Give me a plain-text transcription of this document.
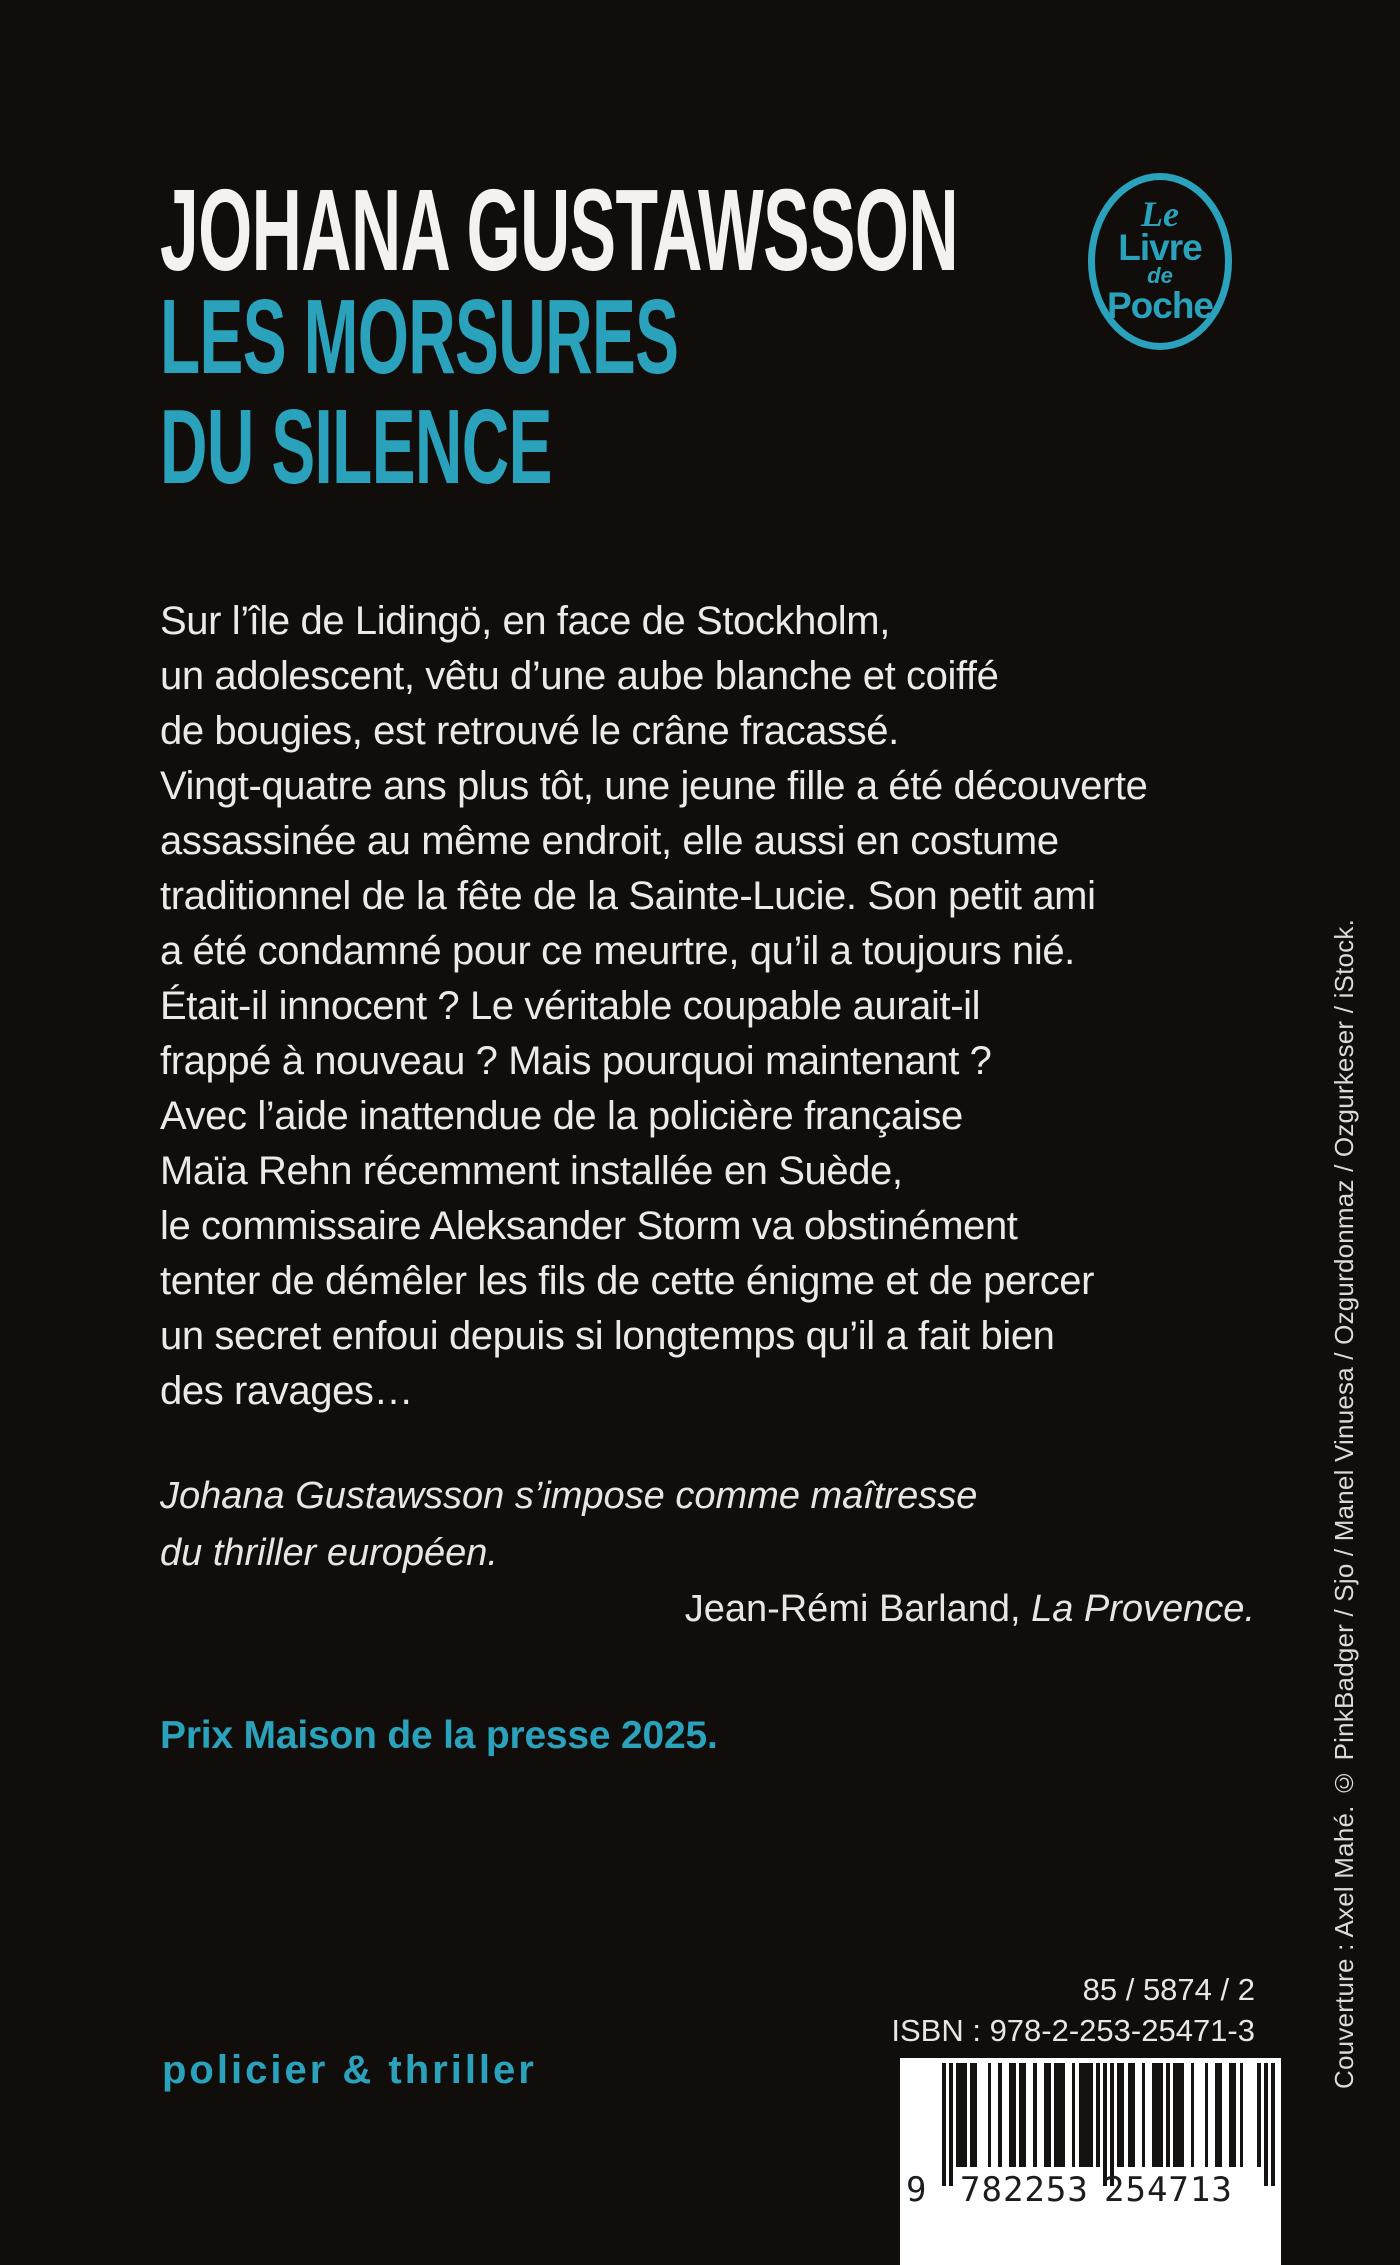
JOHANA GUSTAWSSON
LES MORSURES
DU SILENCE
Le
Livre
de
Poche
Sur l’île de Lidingö, en face de Stockholm,
un adolescent, vêtu d’une aube blanche et coiffé
de bougies, est retrouvé le crâne fracassé.
Vingt-quatre ans plus tôt, une jeune fille a été découverte
assassinée au même endroit, elle aussi en costume
traditionnel de la fête de la Sainte-Lucie. Son petit ami
a été condamné pour ce meurtre, qu’il a toujours nié.
Était-il innocent ? Le véritable coupable aurait-il
frappé à nouveau ? Mais pourquoi maintenant ?
Avec l’aide inattendue de la policière française
Maïa Rehn récemment installée en Suède,
le commissaire Aleksander Storm va obstinément
tenter de démêler les fils de cette énigme et de percer
un secret enfoui depuis si longtemps qu’il a fait bien
des ravages…
Johana Gustawsson s’impose comme maîtresse
du thriller européen.
Jean-Rémi Barland, La Provence.
Prix Maison de la presse 2025.
85 / 5874 / 2
ISBN : 978-2-253-25471-3
policier & thriller
9 782253 254713
Couverture : Axel Mahé. © PinkBadger / Sjo / Manel Vinuesa / Ozgurdonmaz / Ozgurkeser / iStock.
